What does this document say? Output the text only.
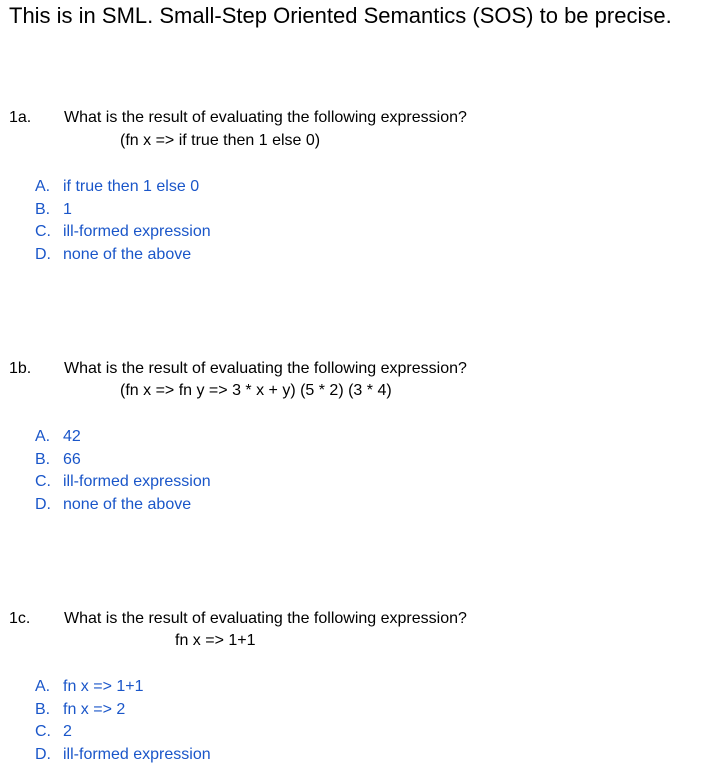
This is in SML. Small-Step Oriented Semantics (SOS) to be precise.
1a. What is the result of evaluating the following expression?
(fn x => if true then 1 else 0)
A. if true then 1 else 0
B. 1
C. ill-formed expression
D. none of the above
1b. What is the result of evaluating the following expression?
(fn x => fn y => 3 * x + y) (5 * 2) (3 * 4)
A. 42
B. 66
C. ill-formed expression
D. none of the above
1c. What is the result of evaluating the following expression?
fn x => 1+1
A. fn x => 1+1
B. fn x => 2
C. 2
D. ill-formed expression
